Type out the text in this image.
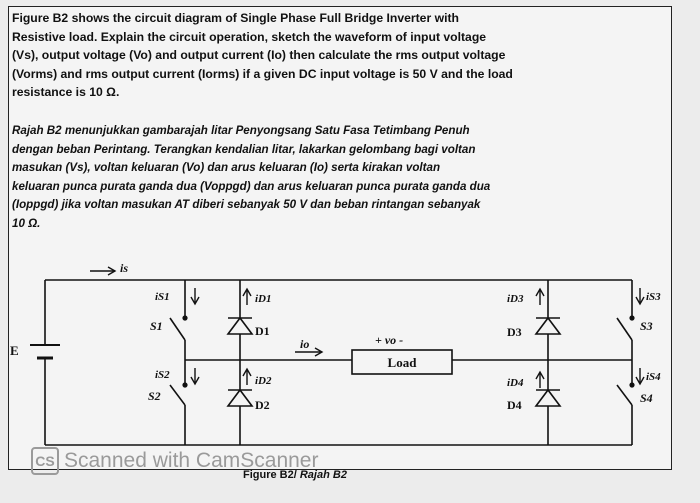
Figure B2 shows the circuit diagram of Single Phase Full Bridge Inverter with
Resistive load. Explain the circuit operation, sketch the waveform of input voltage
(Vs), output voltage (Vo) and output current (Io) then calculate the rms output voltage
(Vorms) and rms output current (Iorms) if a given DC input voltage is 50 V and the load
resistance is 10 Ω.
Rajah B2 menunjukkan gambarajah litar Penyongsang Satu Fasa Tetimbang Penuh
dengan beban Perintang. Terangkan kendalian litar, lakarkan gelombang bagi voltan
masukan (Vs), voltan keluaran (Vo) dan arus keluaran (Io) serta kirakan voltan
keluaran punca purata ganda dua (Voppgd) dan arus keluaran punca purata ganda dua
(Ioppgd) jika voltan masukan AT diberi sebanyak 50 V dan beban rintangan sebanyak
10 Ω.
E
is
iS1
S1
iS2
S2
iD1
D1
iD2
D2
iD3
D3
iD4
D4
iS3
S3
iS4
S4
io	+ vo -
Load
Figure B2/ Rajah B2
CS Scanned with CamScanner
